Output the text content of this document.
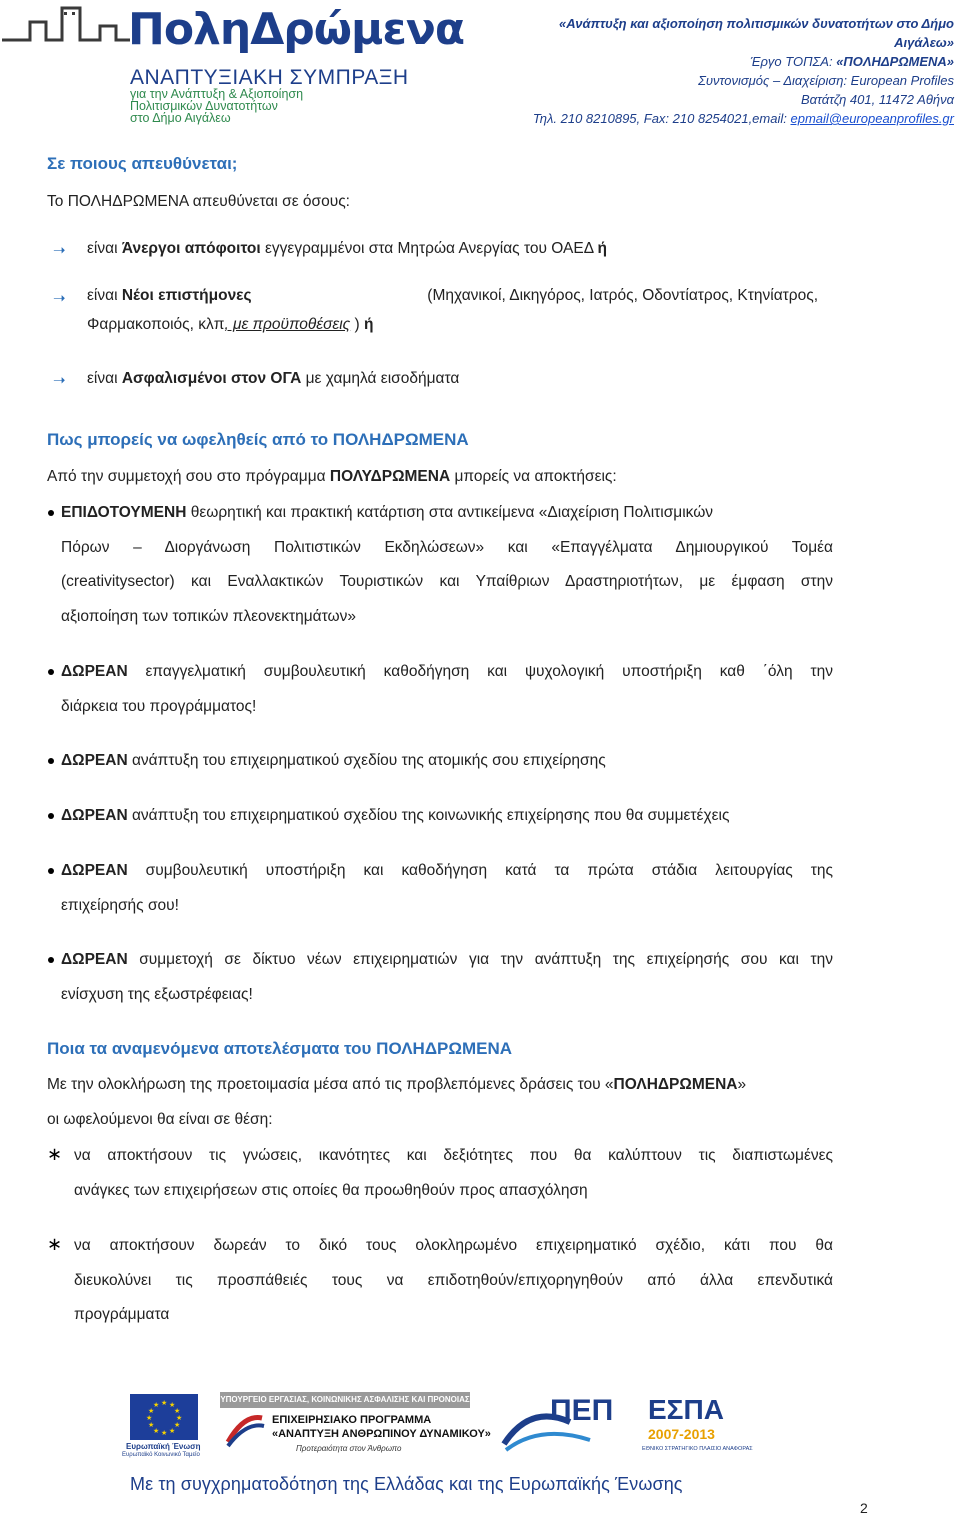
ΠοληΔρώμενα
ΑΝΑΠΤΥΞΙΑΚΗ ΣΥΜΠΡΑΞΗ
για την Ανάπτυξη & Αξιοποίηση
Πολιτισμικών Δυνατοτήτων
στο Δήμο Αιγάλεω
«Ανάπτυξη και αξιοποίηση πολιτισμικών δυνατοτήτων στο Δήμο Αιγάλεω»
Έργο ΤΟΠΣΑ: «ΠΟΛΗΔΡΩΜΕΝΑ»
Συντονισμός – Διαχείριση: European Profiles
Βατάτζη 401, 11472 Αθήνα
Τηλ. 210 8210895, Fax: 210 8254021,email: epmail@europeanprofiles.gr
Σε ποιους απευθύνεται;
Το ΠΟΛΗΔΡΩΜΕΝΑ απευθύνεται σε όσους:
➝ είναι Άνεργοι απόφοιτοι εγγεγραμμένοι στα Μητρώα Ανεργίας του ΟΑΕΔ ή
➝ είναι Νέοι επιστήμονες	(Μηχανικοί, Δικηγόρος, Ιατρός, Οδοντίατρος, Κτηνίατρος,
Φαρμακοποιός, κλπ, με προϋποθέσεις ) ή
➝ είναι Ασφαλισμένοι στον ΟΓΑ με χαμηλά εισοδήματα
Πως μπορείς να ωφεληθείς από το ΠΟΛΗΔΡΩΜΕΝΑ
Από την συμμετοχή σου στο πρόγραμμα ΠΟΛΥΔΡΩΜΕΝΑ μπορείς να αποκτήσεις:
ΕΠΙΔΟΤΟΥΜΕΝΗ θεωρητική και πρακτική κατάρτιση στα αντικείμενα «Διαχείριση Πολιτισμικών
Πόρων – Διοργάνωση Πολιτιστικών Εκδηλώσεων» και «Επαγγέλματα Δημιουργικού Τομέα
(creativitysector) και Εναλλακτικών Τουριστικών και Υπαίθριων Δραστηριοτήτων, με έμφαση στην
αξιοποίηση των τοπικών πλεονεκτημάτων»
ΔΩΡΕΑΝ επαγγελματική συμβουλευτική καθοδήγηση και ψυχολογική υποστήριξη καθ ΄όλη την
διάρκεια του προγράμματος!
ΔΩΡΕΑΝ ανάπτυξη του επιχειρηματικού σχεδίου της ατομικής σου επιχείρησης
ΔΩΡΕΑΝ ανάπτυξη του επιχειρηματικού σχεδίου της κοινωνικής επιχείρησης που θα συμμετέχεις
ΔΩΡΕΑΝ συμβουλευτική υποστήριξη και καθοδήγηση κατά τα πρώτα στάδια λειτουργίας της
επιχείρησής σου!
ΔΩΡΕΑΝ συμμετοχή σε δίκτυο νέων επιχειρηματιών για την ανάπτυξη της επιχείρησής σου και την
ενίσχυση της εξωστρέφειας!
Ποια τα αναμενόμενα αποτελέσματα του ΠΟΛΗΔΡΩΜΕΝΑ
Με την ολοκλήρωση της προετοιμασία μέσα από τις προβλεπόμενες δράσεις του «ΠΟΛΗΔΡΩΜΕΝΑ»
οι ωφελούμενοι θα είναι σε θέση:
∗ να αποκτήσουν τις γνώσεις, ικανότητες και δεξιότητες που θα καλύπτουν τις διαπιστωμένες
ανάγκες των επιχειρήσεων στις οποίες θα προωθηθούν προς απασχόληση
∗ να αποκτήσουν δωρεάν το δικό τους ολοκληρωμένο επιχειρηματικό σχέδιο, κάτι που θα
διευκολύνει τις προσπάθειές τους να επιδοτηθούν/επιχορηγηθούν από άλλα επενδυτικά
προγράμματα
★ ★
★
★
★
★
★
★
★
★
★
★
Ευρωπαϊκή Ένωση
Ευρωπαϊκό Κοινωνικό Ταμείο
ΥΠΟΥΡΓΕΙΟ ΕΡΓΑΣΙΑΣ, ΚΟΙΝΩΝΙΚΗΣ ΑΣΦΑΛΙΣΗΣ ΚΑΙ ΠΡΟΝΟΙΑΣ
ΕΠΙΧΕΙΡΗΣΙΑΚΟ ΠΡΟΓΡΑΜΜΑ
«ΑΝΑΠΤΥΞΗ ΑΝΘΡΩΠΙΝΟΥ ΔΥΝΑΜΙΚΟΥ»
Προτεραιότητα στον Άνθρωπο
ΠΕΠ ΕΣΠΑ
2007-2013
ΕΘΝΙΚΟ ΣΤΡΑΤΗΓΙΚΟ ΠΛΑΙΣΙΟ ΑΝΑΦΟΡΑΣ
Με τη συγχρηματοδότηση της Ελλάδας και της Ευρωπαϊκής Ένωσης
2
